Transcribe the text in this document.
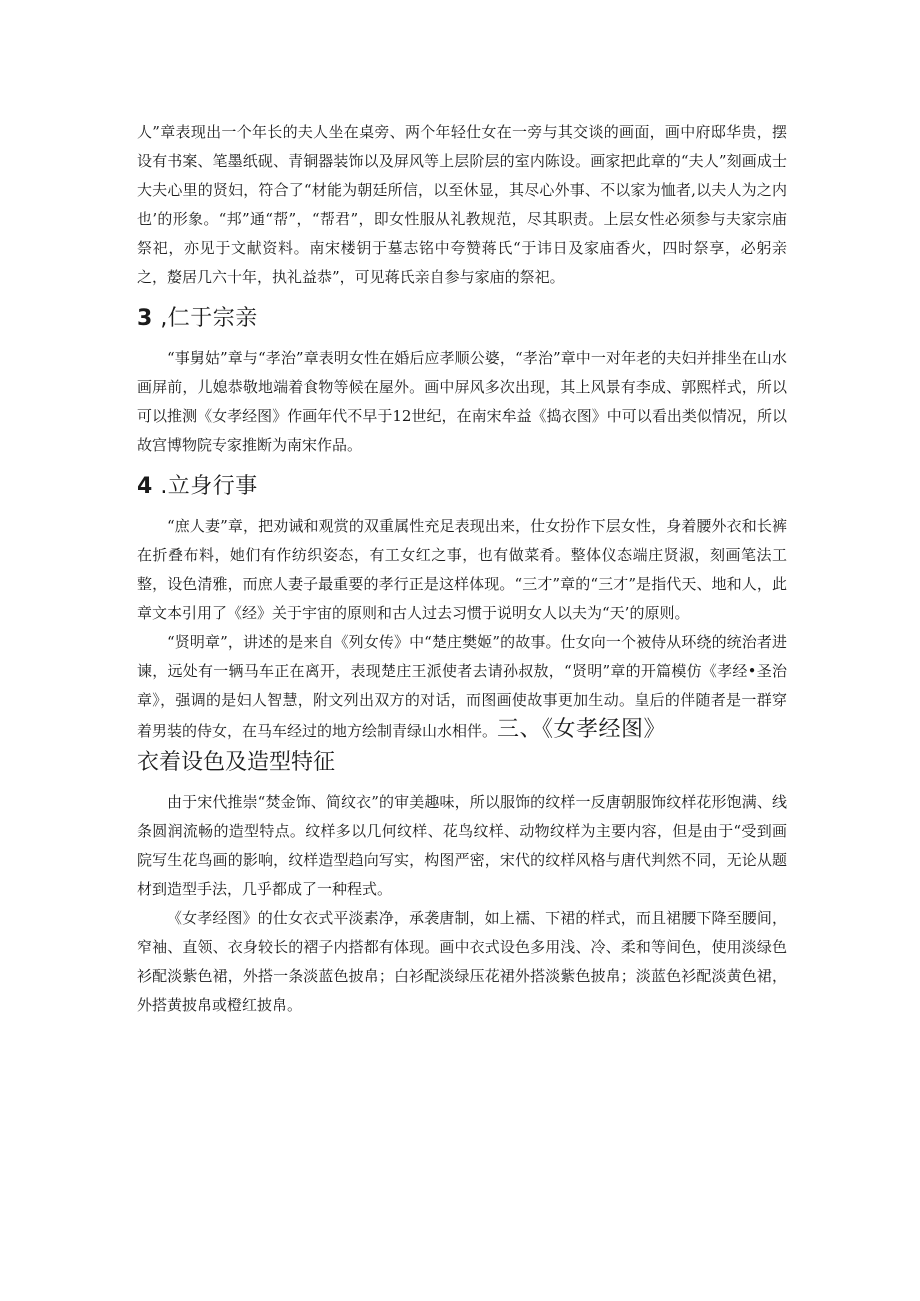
人”章表现出一个年长的夫人坐在桌旁、两个年轻仕女在一旁与其交谈的画面，画中府邸华贵，摆设有书案、笔墨纸砚、青铜器装饰以及屏风等上层阶层的室内陈设。画家把此章的“夫人”刻画成士大夫心里的贤妇，符合了“材能为朝廷所信，以至休显，其尽心外事、不以家为恤者,以夫人为之内也’的形象。“邦”通“帮”，“帮君”，即女性服从礼教规范，尽其职责。上层女性必须参与夫家宗庙祭祀，亦见于文献资料。南宋楼钥于墓志铭中夸赞蒋氏“于讳日及家庙香火，四时祭享，必躬亲之，嫠居几六十年，执礼益恭”，可见蒋氏亲自参与家庙的祭祀。

3 ,仁于宗亲

“事舅姑”章与“孝治”章表明女性在婚后应孝顺公婆，“孝治”章中一对年老的夫妇并排坐在山水画屏前，儿媳恭敬地端着食物等候在屋外。画中屏风多次出现，其上风景有李成、郭熙样式，所以可以推测《女孝经图》作画年代不早于12世纪，在南宋牟益《捣衣图》中可以看出类似情况，所以故宫博物院专家推断为南宋作品。

4 .立身行事

“庶人妻”章，把劝诫和观赏的双重属性充足表现出来，仕女扮作下层女性，身着腰外衣和长裤在折叠布料，她们有作纺织姿态，有工女红之事，也有做菜肴。整体仪态端庄贤淑，刻画笔法工整，设色清雅，而庶人妻子最重要的孝行正是这样体现。“三才”章的“三才”是指代天、地和人，此章文本引用了《经》关于宇宙的原则和古人过去习惯于说明女人以夫为“天’的原则。

“贤明章”，讲述的是来自《列女传》中“楚庄樊姬”的故事。仕女向一个被侍从环绕的统治者进谏，远处有一辆马车正在离开，表现楚庄王派使者去请孙叔敖，“贤明”章的开篇模仿《孝经•圣治章》，强调的是妇人智慧，附文列出双方的对话，而图画使故事更加生动。皇后的伴随者是一群穿着男装的侍女，在马车经过的地方绘制青绿山水相伴。三、《女孝经图》

衣着设色及造型特征

由于宋代推崇“焚金饰、简纹衣”的审美趣味，所以服饰的纹样一反唐朝服饰纹样花形饱满、线条圆润流畅的造型特点。纹样多以几何纹样、花鸟纹样、动物纹样为主要内容，但是由于“受到画院写生花鸟画的影响，纹样造型趋向写实，构图严密，宋代的纹样风格与唐代判然不同，无论从题材到造型手法，几乎都成了一种程式。

《女孝经图》的仕女衣式平淡素净，承袭唐制，如上襦、下裙的样式，而且裙腰下降至腰间，窄袖、直领、衣身较长的褶子内搭都有体现。画中衣式设色多用浅、冷、柔和等间色，使用淡绿色衫配淡紫色裙，外搭一条淡蓝色披帛；白衫配淡绿压花裙外搭淡紫色披帛；淡蓝色衫配淡黄色裙，外搭黄披帛或橙红披帛。
